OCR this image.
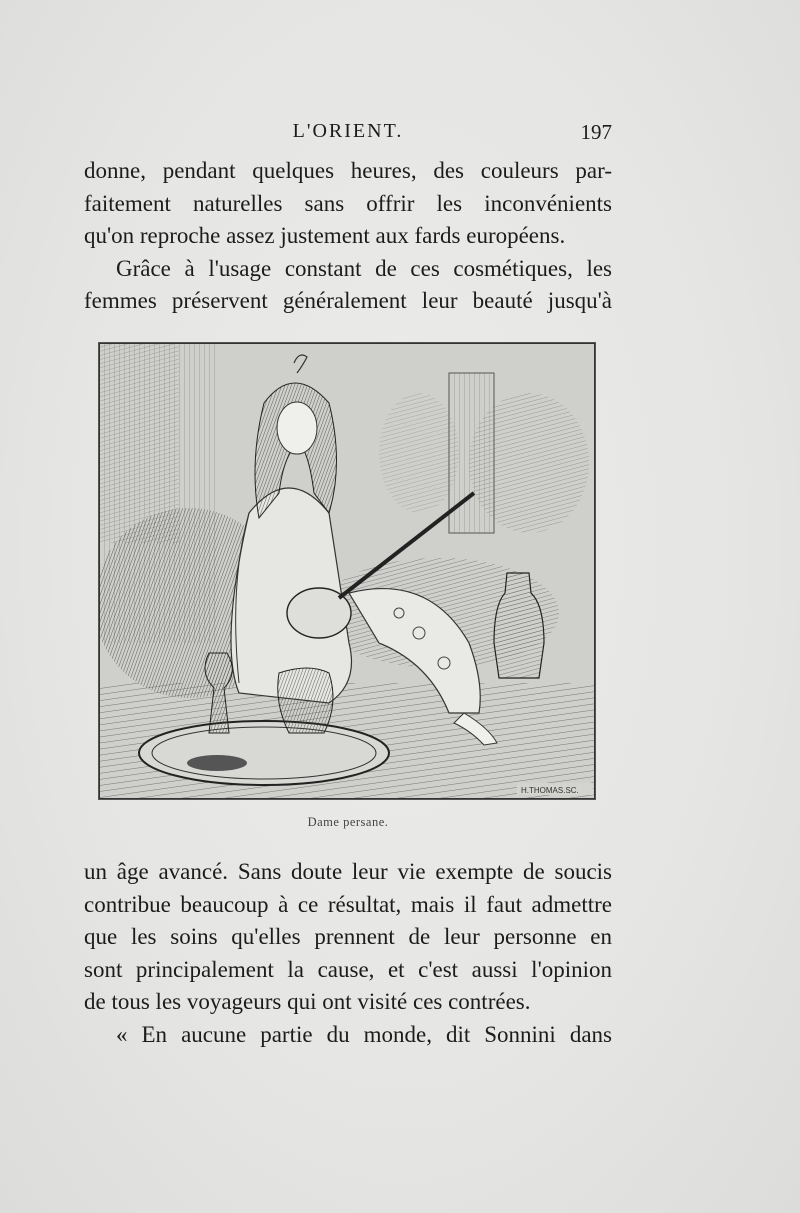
L'ORIENT.	197
donne, pendant quelques heures, des couleurs par-
faitement naturelles sans offrir les inconvénients
qu'on reproche assez justement aux fards européens.
Grâce à l'usage constant de ces cosmétiques, les
femmes préservent généralement leur beauté jusqu'à
H.THOMAS.SC.
Dame persane.
un âge avancé. Sans doute leur vie exempte de soucis
contribue beaucoup à ce résultat, mais il faut admettre
que les soins qu'elles prennent de leur personne en
sont principalement la cause, et c'est aussi l'opinion
de tous les voyageurs qui ont visité ces contrées.
« En aucune partie du monde, dit Sonnini dans
